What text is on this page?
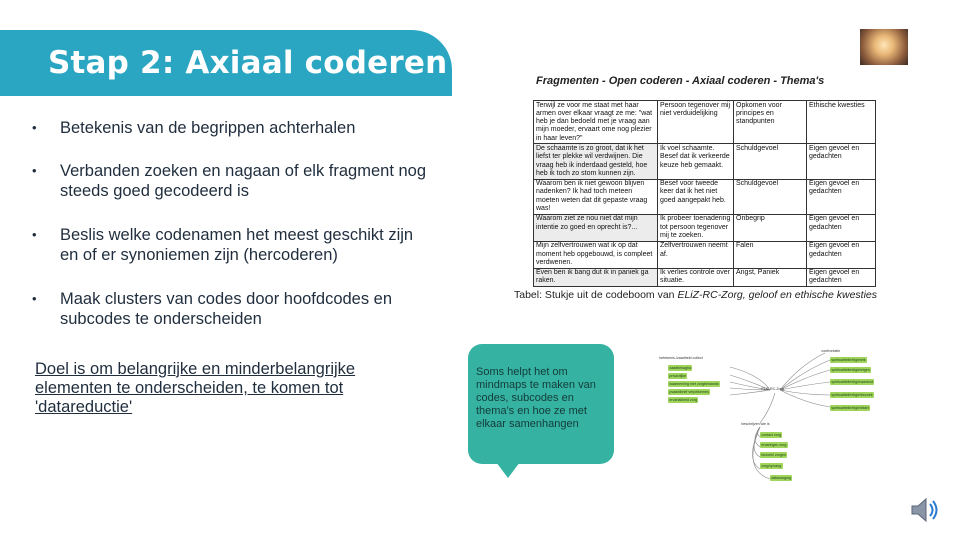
Stap 2: Axiaal coderen
• Betekenis van de begrippen achterhalen
• Verbanden zoeken en nagaan of elk fragment nog steeds goed gecodeerd is
• Beslis welke codenamen het meest geschikt zijn en of er synoniemen zijn (hercoderen)
• Maak clusters van codes door hoofdcodes en subcodes te onderscheiden

Doel is om belangrijke en minderbelangrijke elementen te onderscheiden, te komen tot 'datareductie'

Fragmenten - Open coderen - Axiaal coderen - Thema's
Terwijl ze voor me staat met haar armen over elkaar vraagt ze me: "wat heb je dan bedoeld met je vraag aan mijn moeder, ervaart ome nog plezier in haar leven?"	Persoon tegenover mij niet verduidelijking	Opkomen voor principes en standpunten	Ethische kwesties
De schaamte is zo groot, dat ik het liefst ter plekke wil verdwijnen. Die vraag heb ik inderdaad gesteld, hoe heb ik toch zo stom kunnen zijn.	Ik voel schaamte. Besef dat ik verkeerde keuze heb gemaakt.	Schuldgevoel	Eigen gevoel en gedachten
Waarom ben ik niet gewoon blijven nadenken? Ik had toch meteen moeten weten dat dit gepaste vraag was!	Besef voor tweede keer dat ik het niet goed aangepakt heb.	Schuldgevoel	Eigen gevoel en gedachten
Waarom ziet ze nou niet dat mijn intentie zo goed en oprecht is?...	Ik probeer toenadering tot persoon tegenover mij te zoeken.	Onbegrip	Eigen gevoel en gedachten
Mijn zelfvertrouwen wat ik op dat moment heb opgebouwd, is compleet verdwenen.	Zelfvertrouwen neemt af.	Falen	Eigen gevoel en gedachten
Even ben ik bang dut ik in paniek ga raken.	Ik verlies controle over situatie.	Angst, Paniek	Eigen gevoel en gedachten
Tabel: Stukje uit de codeboom van ELiZ-RC-Zorg, geloof en ethische kwesties

Soms helpt het om mindmaps te maken van codes, subcodes en thema's en hoe ze met elkaar samenhangen

betekenis-/zaadheid collect
zaadbekagha
privacilijke
waarneming met zorgbestands
pvaardbrief verpeikemes
ervarlakheid zorg
ELiZ-RC-Zorg
confrontatie
spiritualiteit/religie/elk
spiritualiteit/religie/eigen
spiritualiteit/religie/aanbod
spiritualiteit/religie/bezoek
spiritualiteit/religie/bkkrt
beschrijven wie is
contact zorg
ervaringen zorg
bezoek/ zorgen
zorg/opvang
datavoeging
